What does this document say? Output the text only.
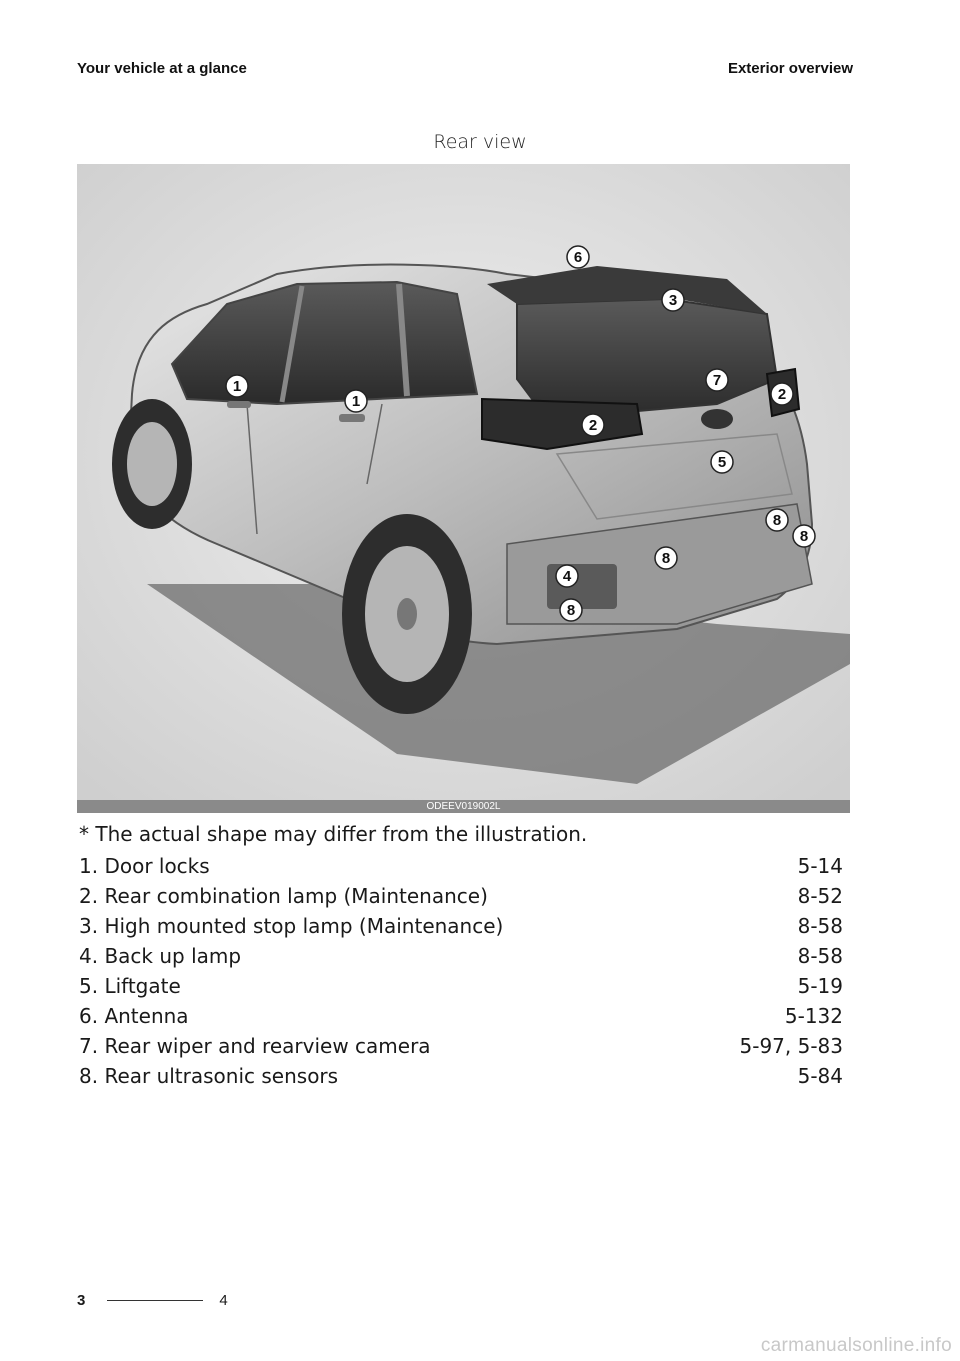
Your vehicle at a glance	Exterior overview
Rear view
1
1
2
2
3
4
5
6
7
8
8
8
8
ODEEV019002L
* The actual shape may differ from the illustration.
1. Door locks	5-14
2. Rear combination lamp (Maintenance)	8-52
3. High mounted stop lamp (Maintenance)	8-58
4. Back up lamp	8-58
5. Liftgate	5-19
6. Antenna	5-132
7. Rear wiper and rearview camera	5-97, 5-83
8. Rear ultrasonic sensors	5-84
3	4
carmanualsonline.info
